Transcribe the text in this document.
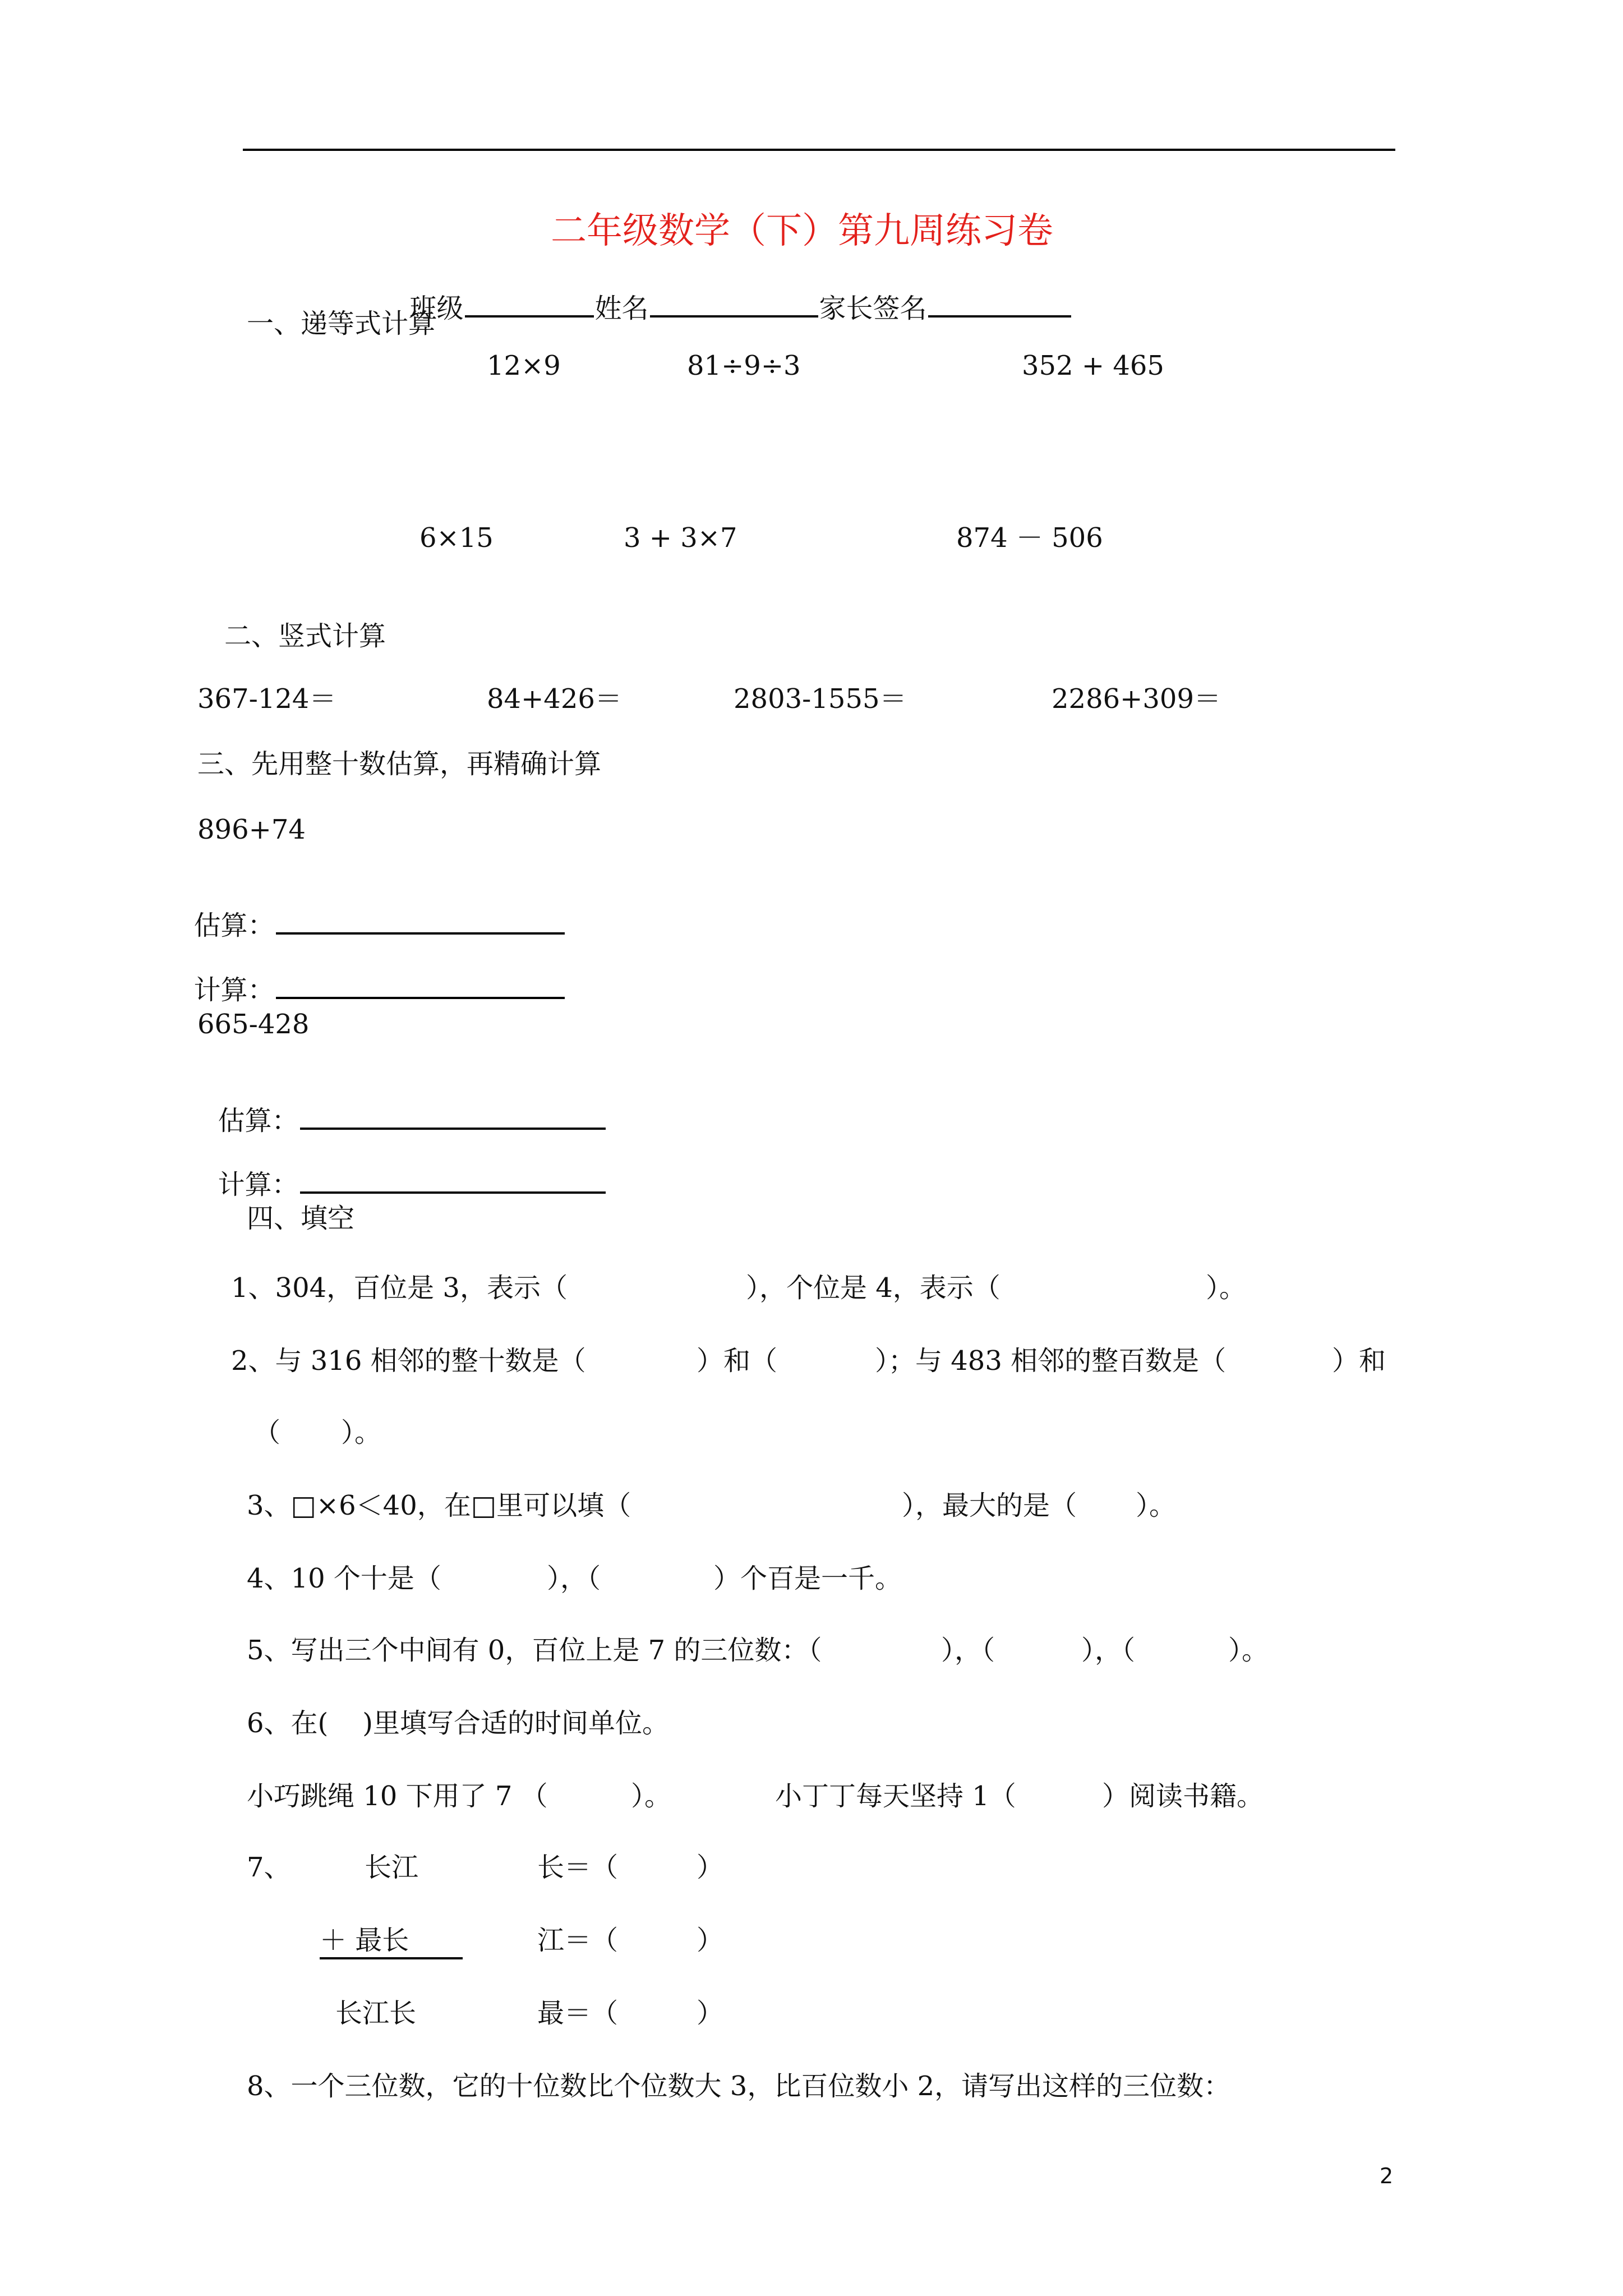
二年级数学（下）第九周练习卷

班级	姓名	家长签名

一、递等式计算
12×9	81÷9÷3	352 + 465
6×15	3 + 3×7	874 － 506
二、竖式计算
367-124＝	84+426＝	2803-1555＝	2286+309＝
三、先用整十数估算，再精确计算
896+74

估算：

计算：

665-428

估算：

计算：

四、填空
1、304，百位是 3，表示（	），个位是 4，表示（	）。
2、与 316 相邻的整十数是（	）和（	）；与 483 相邻的整百数是（	）和
（ ）。
3、□×6＜40，在□里可以填（	），最大的是（ ）。
4、10 个十是（	），（	）个百是一千。
5、写出三个中间有 0，百位上是 7 的三位数：（	），（	），（	）。
6、在(    )里填写合适的时间单位。
小巧跳绳 10 下用了 7 （	）。	小丁丁每天坚持 1（	）阅读书籍。
7、	长江	长＝（	）
＋ 最长	江＝（	）
长江长	最＝（	）
8、一个三位数，它的十位数比个位数大 3，比百位数小 2，请写出这样的三位数：
2
